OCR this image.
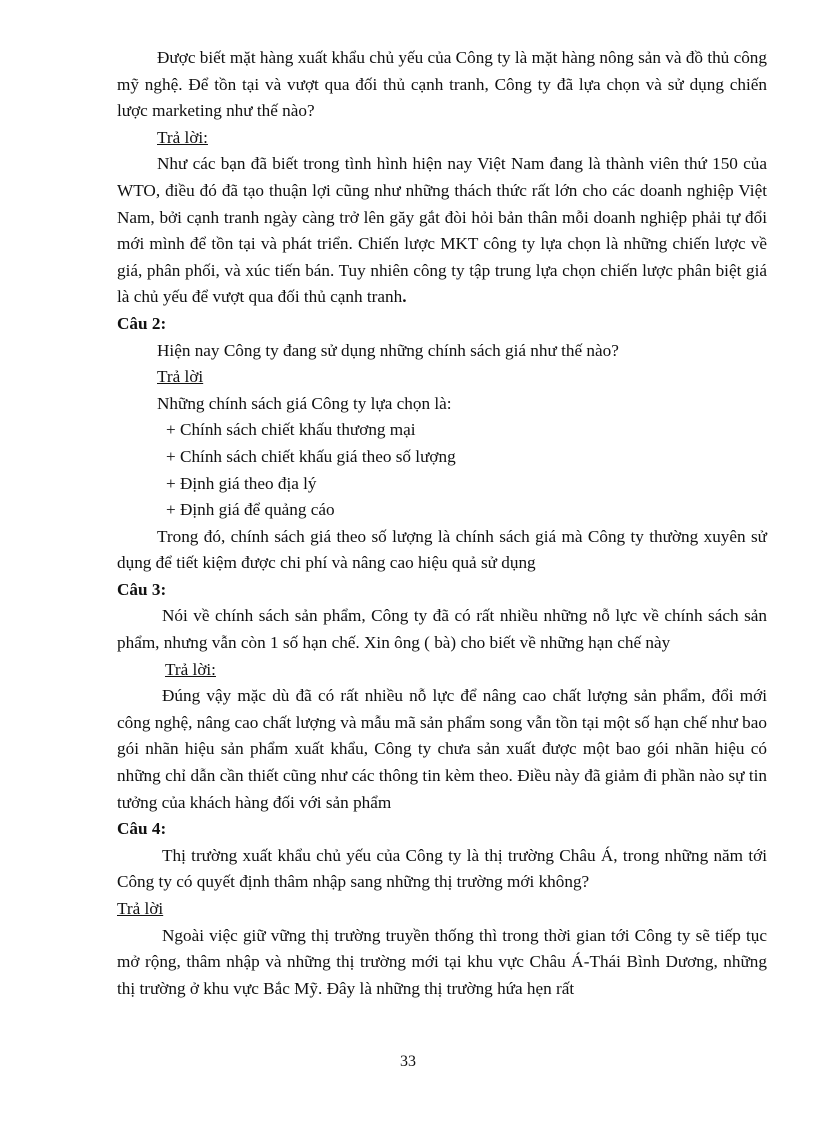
Được biết mặt hàng xuất khẩu chủ yếu của Công ty là mặt hàng nông sản và đồ thủ công mỹ nghệ. Để tồn tại và vượt qua đối thủ cạnh tranh, Công ty đã lựa chọn và sử dụng chiến lược marketing như thế nào?

Trả lời:

Như các bạn đã biết trong tình hình hiện nay Việt Nam đang là thành viên thứ 150 của WTO, điều đó đã tạo thuận lợi cũng như những thách thức rất lớn cho các doanh nghiệp Việt Nam, bởi cạnh tranh ngày càng trở lên găy gắt đòi hỏi bản thân mỗi doanh nghiệp phải tự đổi mới mình để tồn tại và phát triển. Chiến lược MKT công ty lựa chọn là những chiến lược về giá, phân phối, và xúc tiến bán. Tuy nhiên công ty tập trung lựa chọn chiến lược phân biệt giá là chủ yếu để vượt qua đối thủ cạnh tranh.

Câu 2:

Hiện nay Công ty đang sử dụng những chính sách giá như thế nào?

Trả lời

Những chính sách giá Công ty lựa chọn là:

+ Chính sách chiết khấu thương mại

+ Chính sách chiết khấu giá theo số lượng

+ Định giá theo địa lý

+ Định giá để quảng cáo

Trong đó, chính sách giá theo số lượng là chính sách giá mà Công ty thường xuyên sử dụng để tiết kiệm được chi phí và nâng cao hiệu quả sử dụng

Câu 3:

Nói về chính sách sản phẩm, Công ty đã có rất nhiều những nỗ lực về chính sách sản phẩm, nhưng vẫn còn 1 số hạn chế. Xin ông ( bà) cho biết về những hạn chế này

Trả lời:

Đúng vậy mặc dù đã có rất nhiều nỗ lực để nâng cao chất lượng sản phẩm, đổi mới công nghệ, nâng cao chất lượng và mẫu mã sản phẩm song vẫn tồn tại một số hạn chế như bao gói nhãn hiệu sản phẩm xuất khẩu, Công ty chưa sản xuất được một bao gói nhãn hiệu có những chỉ dẫn cần thiết cũng như các thông tin kèm theo. Điều này đã giảm đi phần nào sự tin tưởng của khách hàng đối với sản phẩm

Câu 4:

Thị trường xuất khẩu chủ yếu của Công ty là thị trường Châu Á, trong những năm tới Công ty có quyết định thâm nhập sang những thị trường mới không?

Trả lời

Ngoài việc giữ vững thị trường truyền thống thì trong thời gian tới Công ty sẽ tiếp tục mở rộng, thâm nhập và những thị trường mới tại khu vực Châu Á-Thái Bình Dương, những thị trường ở khu vực Bắc Mỹ. Đây là những thị trường hứa hẹn rất

33
